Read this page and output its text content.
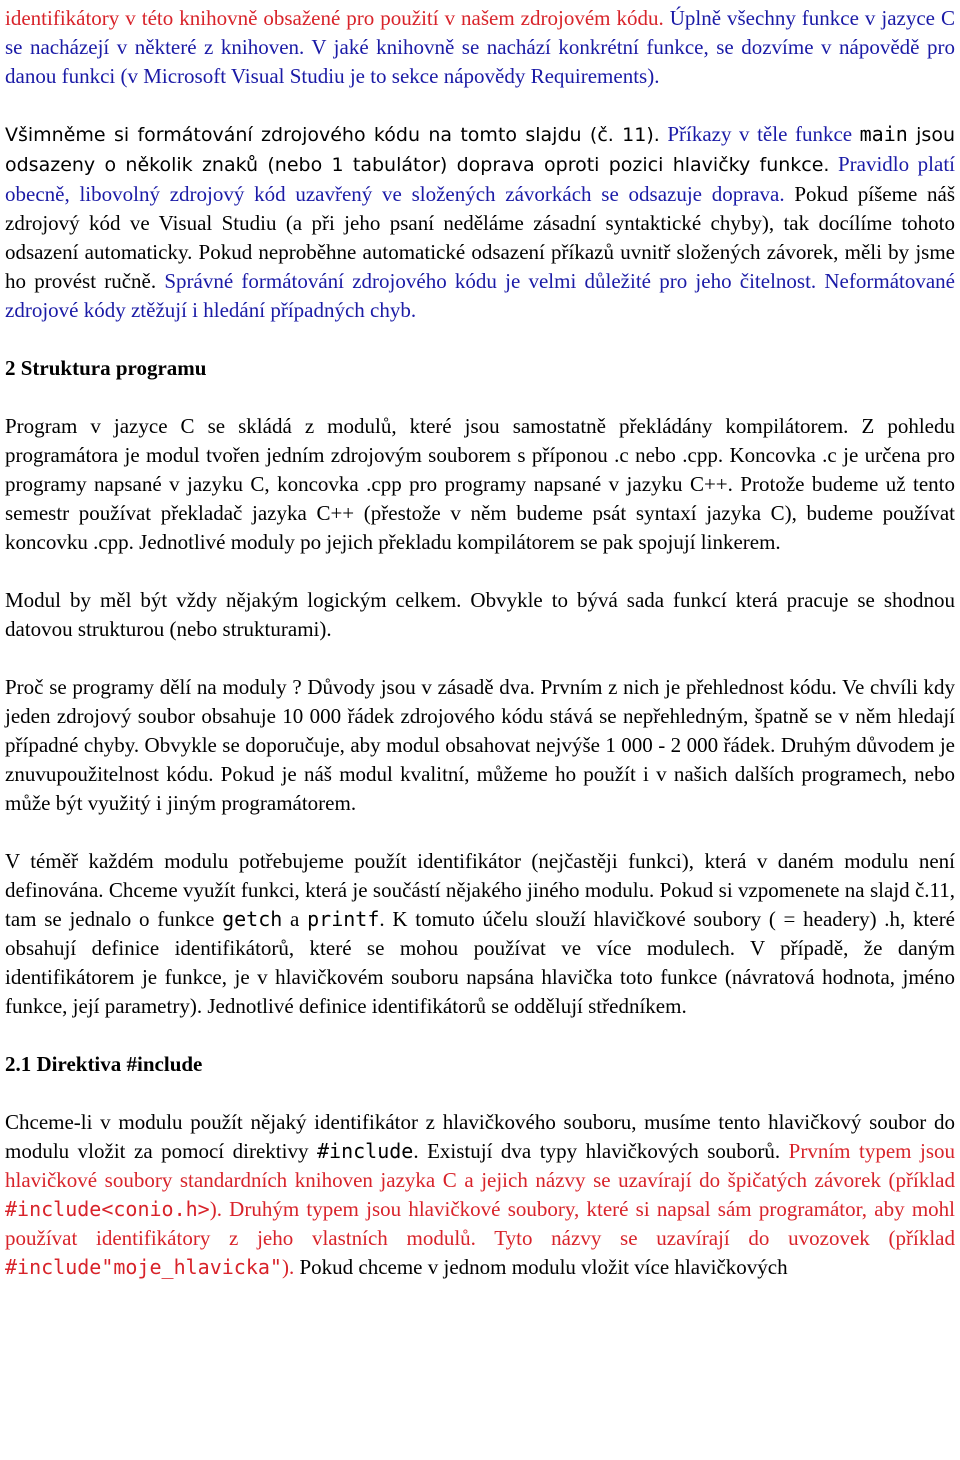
identifikátory v této knihovně obsažené pro použití v našem zdrojovém kódu. Úplně všechny funkce v jazyce C se nacházejí v některé z knihoven. V jaké knihovně se nachází konkrétní funkce, se dozvíme v nápovědě pro danou funkci (v Microsoft Visual Studiu je to sekce nápovědy Requirements).

Všimněme si formátování zdrojového kódu na tomto slajdu (č. 11). Příkazy v těle funkce main jsou odsazeny o několik znaků (nebo 1 tabulátor) doprava oproti pozici hlavičky funkce. Pravidlo platí obecně, libovolný zdrojový kód uzavřený ve složených závorkách se odsazuje doprava. Pokud píšeme náš zdrojový kód ve Visual Studiu (a při jeho psaní neděláme zásadní syntaktické chyby), tak docílíme tohoto odsazení automaticky. Pokud neproběhne automatické odsazení příkazů uvnitř složených závorek, měli by jsme ho provést ručně. Správné formátování zdrojového kódu je velmi důležité pro jeho čitelnost. Neformátované zdrojové kódy ztěžují i hledání případných chyb.

2 Struktura programu

Program v jazyce C se skládá z modulů, které jsou samostatně překládány kompilátorem. Z pohledu programátora je modul tvořen jedním zdrojovým souborem s příponou .c nebo .cpp. Koncovka .c je určena pro programy napsané v jazyku C, koncovka .cpp pro programy napsané v jazyku C++. Protože budeme už tento semestr používat překladač jazyka C++ (přestože v něm budeme psát syntaxí jazyka C), budeme používat koncovku .cpp. Jednotlivé moduly po jejich překladu kompilátorem se pak spojují linkerem.

Modul by měl být vždy nějakým logickým celkem. Obvykle to bývá sada funkcí která pracuje se shodnou datovou strukturou (nebo strukturami).

Proč se programy dělí na moduly ? Důvody jsou v zásadě dva. Prvním z nich je přehlednost kódu. Ve chvíli kdy jeden zdrojový soubor obsahuje 10 000 řádek zdrojového kódu stává se nepřehledným, špatně se v něm hledají případné chyby. Obvykle se doporučuje, aby modul obsahovat nejvýše 1 000 - 2 000 řádek. Druhým důvodem je znuvupoužitelnost kódu. Pokud je náš modul kvalitní, můžeme ho použít i v našich dalších programech, nebo může být využitý i jiným programátorem.

V téměř každém modulu potřebujeme použít identifikátor (nejčastěji funkci), která v daném modulu není definována. Chceme využít funkci, která je součástí nějakého jiného modulu. Pokud si vzpomenete na slajd č.11, tam se jednalo o funkce getch a printf. K tomuto účelu slouží hlavičkové soubory ( = headery) .h, které obsahují definice identifikátorů, které se mohou používat ve více modulech. V případě, že daným identifikátorem je funkce, je v hlavičkovém souboru napsána hlavička toto funkce (návratová hodnota, jméno funkce, její parametry). Jednotlivé definice identifikátorů se oddělují středníkem.

2.1 Direktiva #include

Chceme-li v modulu použít nějaký identifikátor z hlavičkového souboru, musíme tento hlavičkový soubor do modulu vložit za pomocí direktivy #include. Existují dva typy hlavičkových souborů. Prvním typem jsou hlavičkové soubory standardních knihoven jazyka C a jejich názvy se uzavírají do špičatých závorek (příklad #include<conio.h>). Druhým typem jsou hlavičkové soubory, které si napsal sám programátor, aby mohl používat identifikátory z jeho vlastních modulů. Tyto názvy se uzavírají do uvozovek (příklad #include"moje_hlavicka"). Pokud chceme v jednom modulu vložit více hlavičkových
